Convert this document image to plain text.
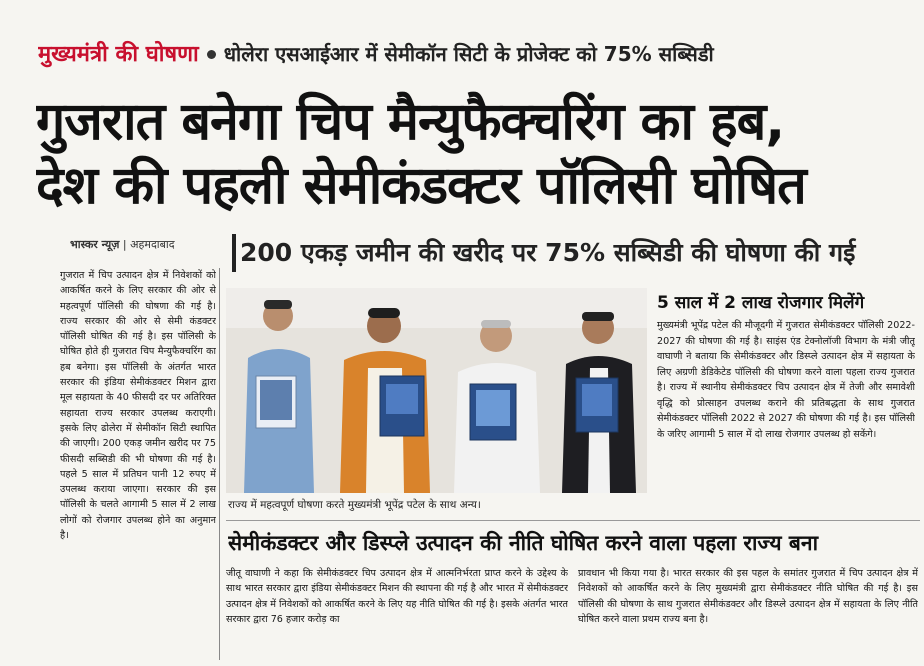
मुख्यमंत्री की घोषणा धोलेरा एसआईआर में सेमीकॉन सिटी के प्रोजेक्ट को 75% सब्सिडी
गुजरात बनेगा चिप मैन्युफैक्चरिंग का हब,
देश की पहली सेमीकंडक्टर पॉलिसी घोषित
भास्कर न्यूज़ | अहमदाबाद	200 एकड़ जमीन की खरीद पर 75% सब्सिडी की घोषणा की गई

गुजरात में चिप उत्पादन क्षेत्र में निवेशकों को आकर्षित करने के लिए सरकार की ओर से महत्वपूर्ण पॉलिसी की घोषणा की गई है। राज्य सरकार की ओर से सेमी कंडक्टर पॉलिसी घोषित की गई है। इस पॉलिसी के घोषित होते ही गुजरात चिप मैन्युफैक्चरिंग का हब बनेगा। इस पॉलिसी के अंतर्गत भारत सरकार की इंडिया सेमीकंडक्टर मिशन द्वारा मूल सहायता के 40 फीसदी दर पर अतिरिक्त सहायता राज्य सरकार उपलब्ध कराएगी। इसके लिए ढोलेरा में सेमीकॉन सिटी स्थापित की जाएगी। 200 एकड़ जमीन खरीद पर 75 फीसदी सब्सिडी की भी घोषणा की गई है। पहले 5 साल में प्रतिघन पानी 12 रुपए में उपलब्ध कराया जाएगा। सरकार की इस पॉलिसी के चलते आगामी 5 साल में 2 लाख लोगों को रोजगार उपलब्ध होने का अनुमान है।

राज्य में महत्वपूर्ण घोषणा करते मुख्यमंत्री भूपेंद्र पटेल के साथ अन्य।
5 साल में 2 लाख रोजगार मिलेंगे
मुख्यमंत्री भूपेंद्र पटेल की मौजूदगी में गुजरात सेमीकंडक्टर पॉलिसी 2022-2027 की घोषणा की गई है। साइंस एंड टेक्नोलॉजी विभाग के मंत्री जीतू वाघाणी ने बताया कि सेमीकंडक्टर और डिस्प्ले उत्पादन क्षेत्र में सहायता के लिए अग्रणी डेडिकेटेड पॉलिसी की घोषणा करने वाला पहला राज्य गुजरात है। राज्य में स्थानीय सेमीकंडक्टर चिप उत्पादन क्षेत्र में तेजी और समावेशी वृद्धि को प्रोत्साहन उपलब्ध कराने की प्रतिबद्धता के साथ गुजरात सेमीकंडक्टर पॉलिसी 2022 से 2027 की घोषणा की गई है। इस पॉलिसी के जरिए आगामी 5 साल में दो लाख रोजगार उपलब्ध हो सकेंगे।
सेमीकंडक्टर और डिस्प्ले उत्पादन की नीति घोषित करने वाला पहला राज्य बना
जीतू वाघाणी ने कहा कि सेमीकंडक्टर चिप उत्पादन क्षेत्र में आत्मनिर्भरता प्राप्त करने के उद्देश्य के साथ भारत सरकार द्वारा इंडिया सेमीकंडक्टर मिशन की स्थापना की गई है और भारत में सेमीकंडक्टर उत्पादन क्षेत्र में निवेशकों को आकर्षित करने के लिए यह नीति घोषित की गई है। इसके अंतर्गत भारत सरकार द्वारा 76 हजार करोड़ का
प्रावधान भी किया गया है। भारत सरकार की इस पहल के समांतर गुजरात में चिप उत्पादन क्षेत्र में निवेशकों को आकर्षित करने के लिए मुख्यमंत्री द्वारा सेमीकंडक्टर नीति घोषित की गई है। इस पॉलिसी की घोषणा के साथ गुजरात सेमीकंडक्टर और डिस्प्ले उत्पादन क्षेत्र में सहायता के लिए नीति घोषित करने वाला प्रथम राज्य बना है।
